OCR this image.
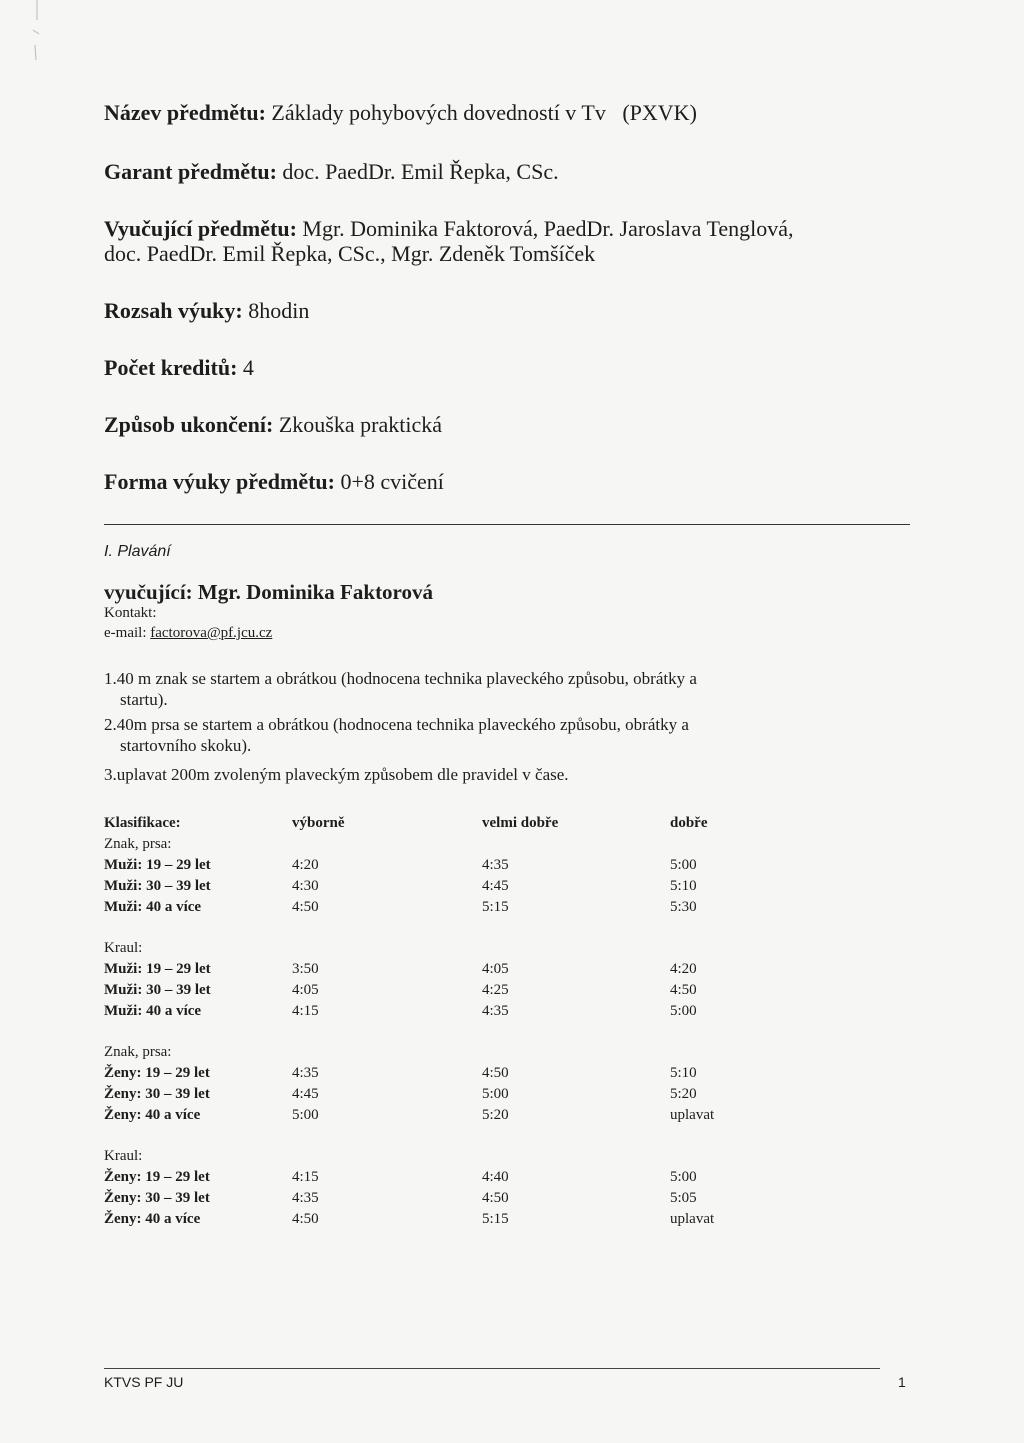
Název předmětu: Základy pohybových dovedností v Tv   (PXVK)
Garant předmětu: doc. PaedDr. Emil Řepka, CSc.
Vyučující předmětu: Mgr. Dominika Faktorová, PaedDr. Jaroslava Tenglová,
doc. PaedDr. Emil Řepka, CSc., Mgr. Zdeněk Tomšíček
Rozsah výuky: 8hodin
Počet kreditů: 4
Způsob ukončení: Zkouška praktická
Forma výuky předmětu: 0+8 cvičení
I. Plavání
vyučující: Mgr. Dominika Faktorová
Kontakt:
e-mail: factorova@pf.jcu.cz
1.40 m znak se startem a obrátkou (hodnocena technika plaveckého způsobu, obrátky a
startu).
2.40m prsa se startem a obrátkou (hodnocena technika plaveckého způsobu, obrátky a
startovního skoku).
3.uplavat 200m zvoleným plaveckým způsobem dle pravidel v čase.
Klasifikace:	výborně	velmi dobře	dobře
Znak, prsa:			
Muži: 19 – 29 let	4:20	4:35	5:00
Muži: 30 – 39 let	4:30	4:45	5:10
Muži: 40 a více	4:50	5:15	5:30

Kraul:			
Muži: 19 – 29 let	3:50	4:05	4:20
Muži: 30 – 39 let	4:05	4:25	4:50
Muži: 40 a více	4:15	4:35	5:00

Znak, prsa:			
Ženy: 19 – 29 let	4:35	4:50	5:10
Ženy: 30 – 39 let	4:45	5:00	5:20
Ženy: 40 a více	5:00	5:20	uplavat

Kraul:			
Ženy: 19 – 29 let	4:15	4:40	5:00
Ženy: 30 – 39 let	4:35	4:50	5:05
Ženy: 40 a více	4:50	5:15	uplavat
KTVS PF JU	1
